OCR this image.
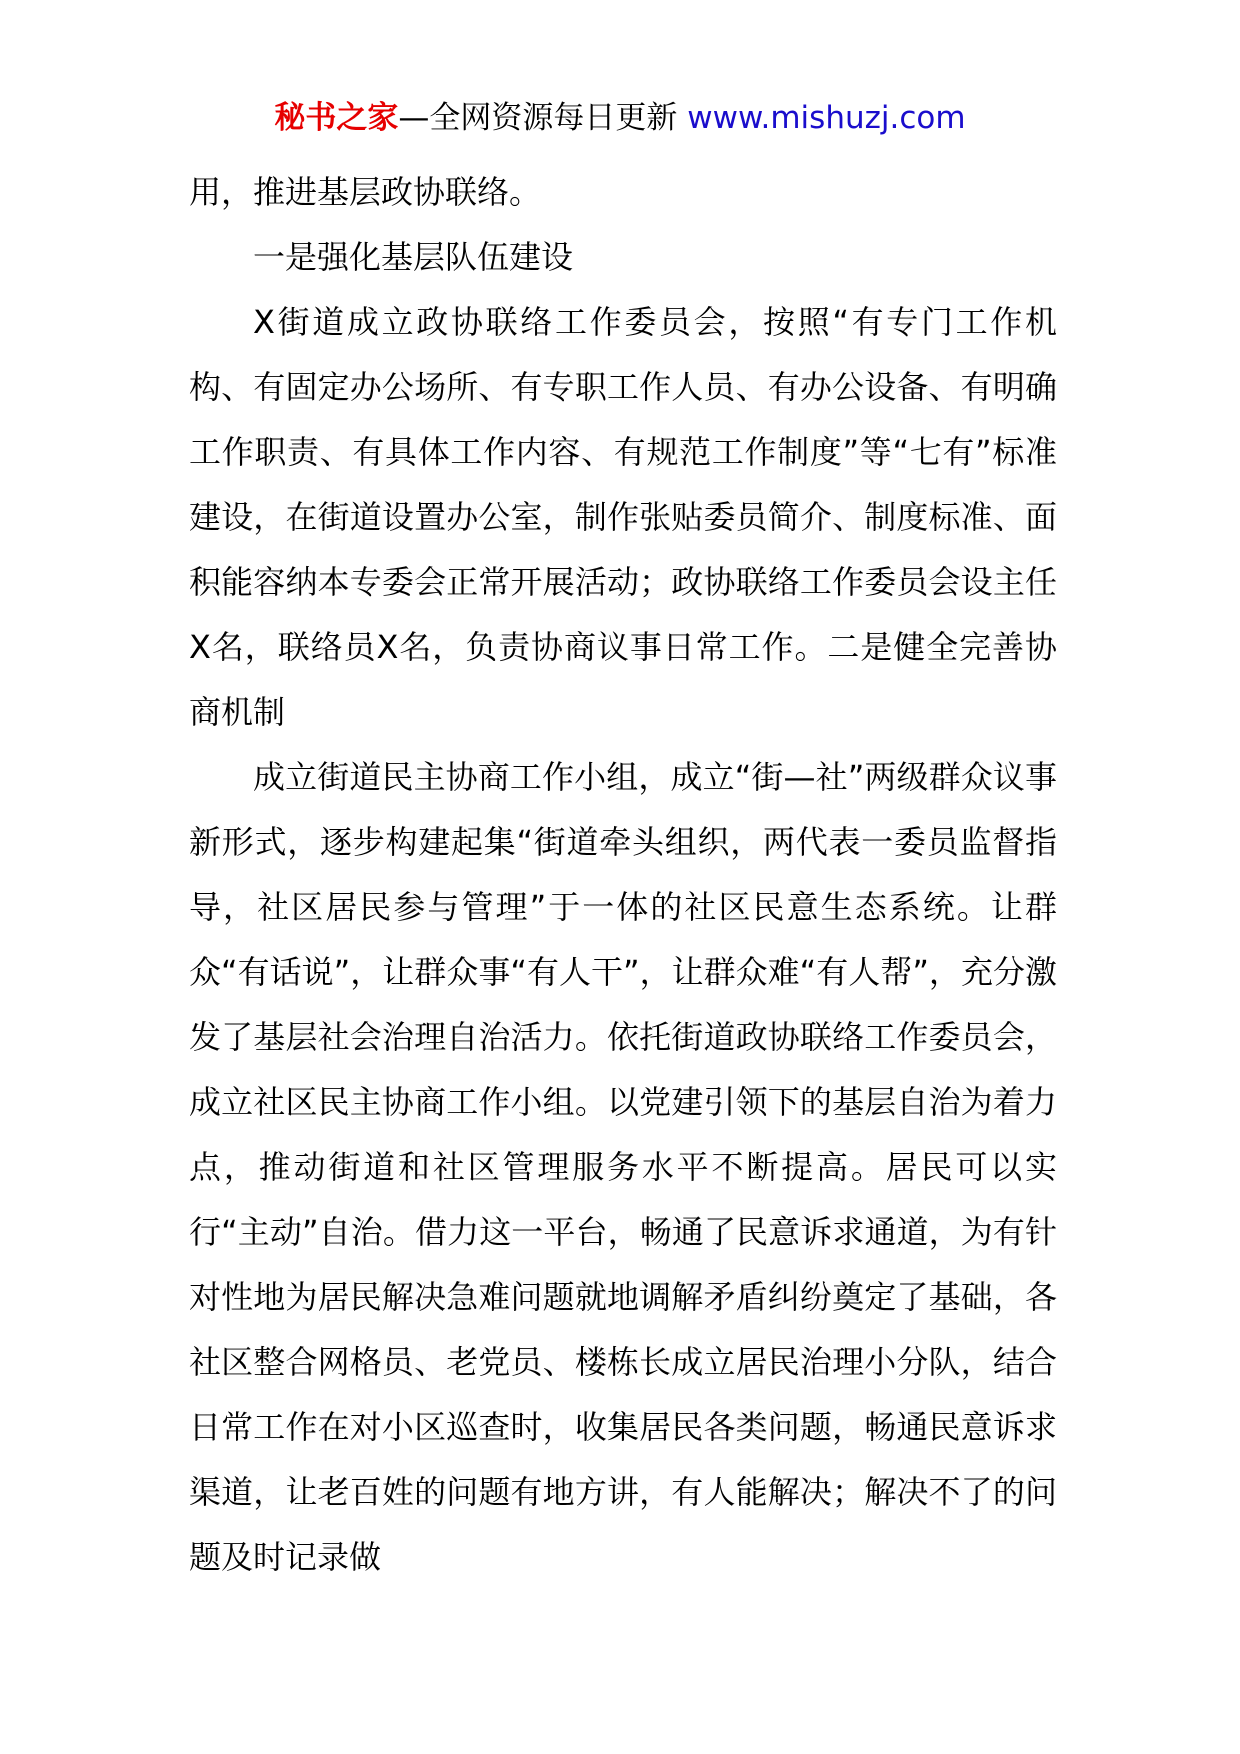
秘书之家—全网资源每日更新 www.mishuzj.com

用，推进基层政协联络。

一是强化基层队伍建设

X街道成立政协联络工作委员会，按照“有专门工作机构、有固定办公场所、有专职工作人员、有办公设备、有明确工作职责、有具体工作内容、有规范工作制度”等“七有”标准建设，在街道设置办公室，制作张贴委员简介、制度标准、面积能容纳本专委会正常开展活动；政协联络工作委员会设主任X名，联络员X名，负责协商议事日常工作。二是健全完善协商机制

成立街道民主协商工作小组，成立“街—社”两级群众议事新形式，逐步构建起集“街道牵头组织，两代表一委员监督指导，社区居民参与管理”于一体的社区民意生态系统。让群众“有话说”，让群众事“有人干”，让群众难“有人帮”，充分激发了基层社会治理自治活力。依托街道政协联络工作委员会，成立社区民主协商工作小组。以党建引领下的基层自治为着力点，推动街道和社区管理服务水平不断提高。居民可以实行“主动”自治。借力这一平台，畅通了民意诉求通道，为有针对性地为居民解决急难问题就地调解矛盾纠纷奠定了基础，各社区整合网格员、老党员、楼栋长成立居民治理小分队，结合日常工作在对小区巡查时，收集居民各类问题，畅通民意诉求渠道，让老百姓的问题有地方讲，有人能解决；解决不了的问题及时记录做
